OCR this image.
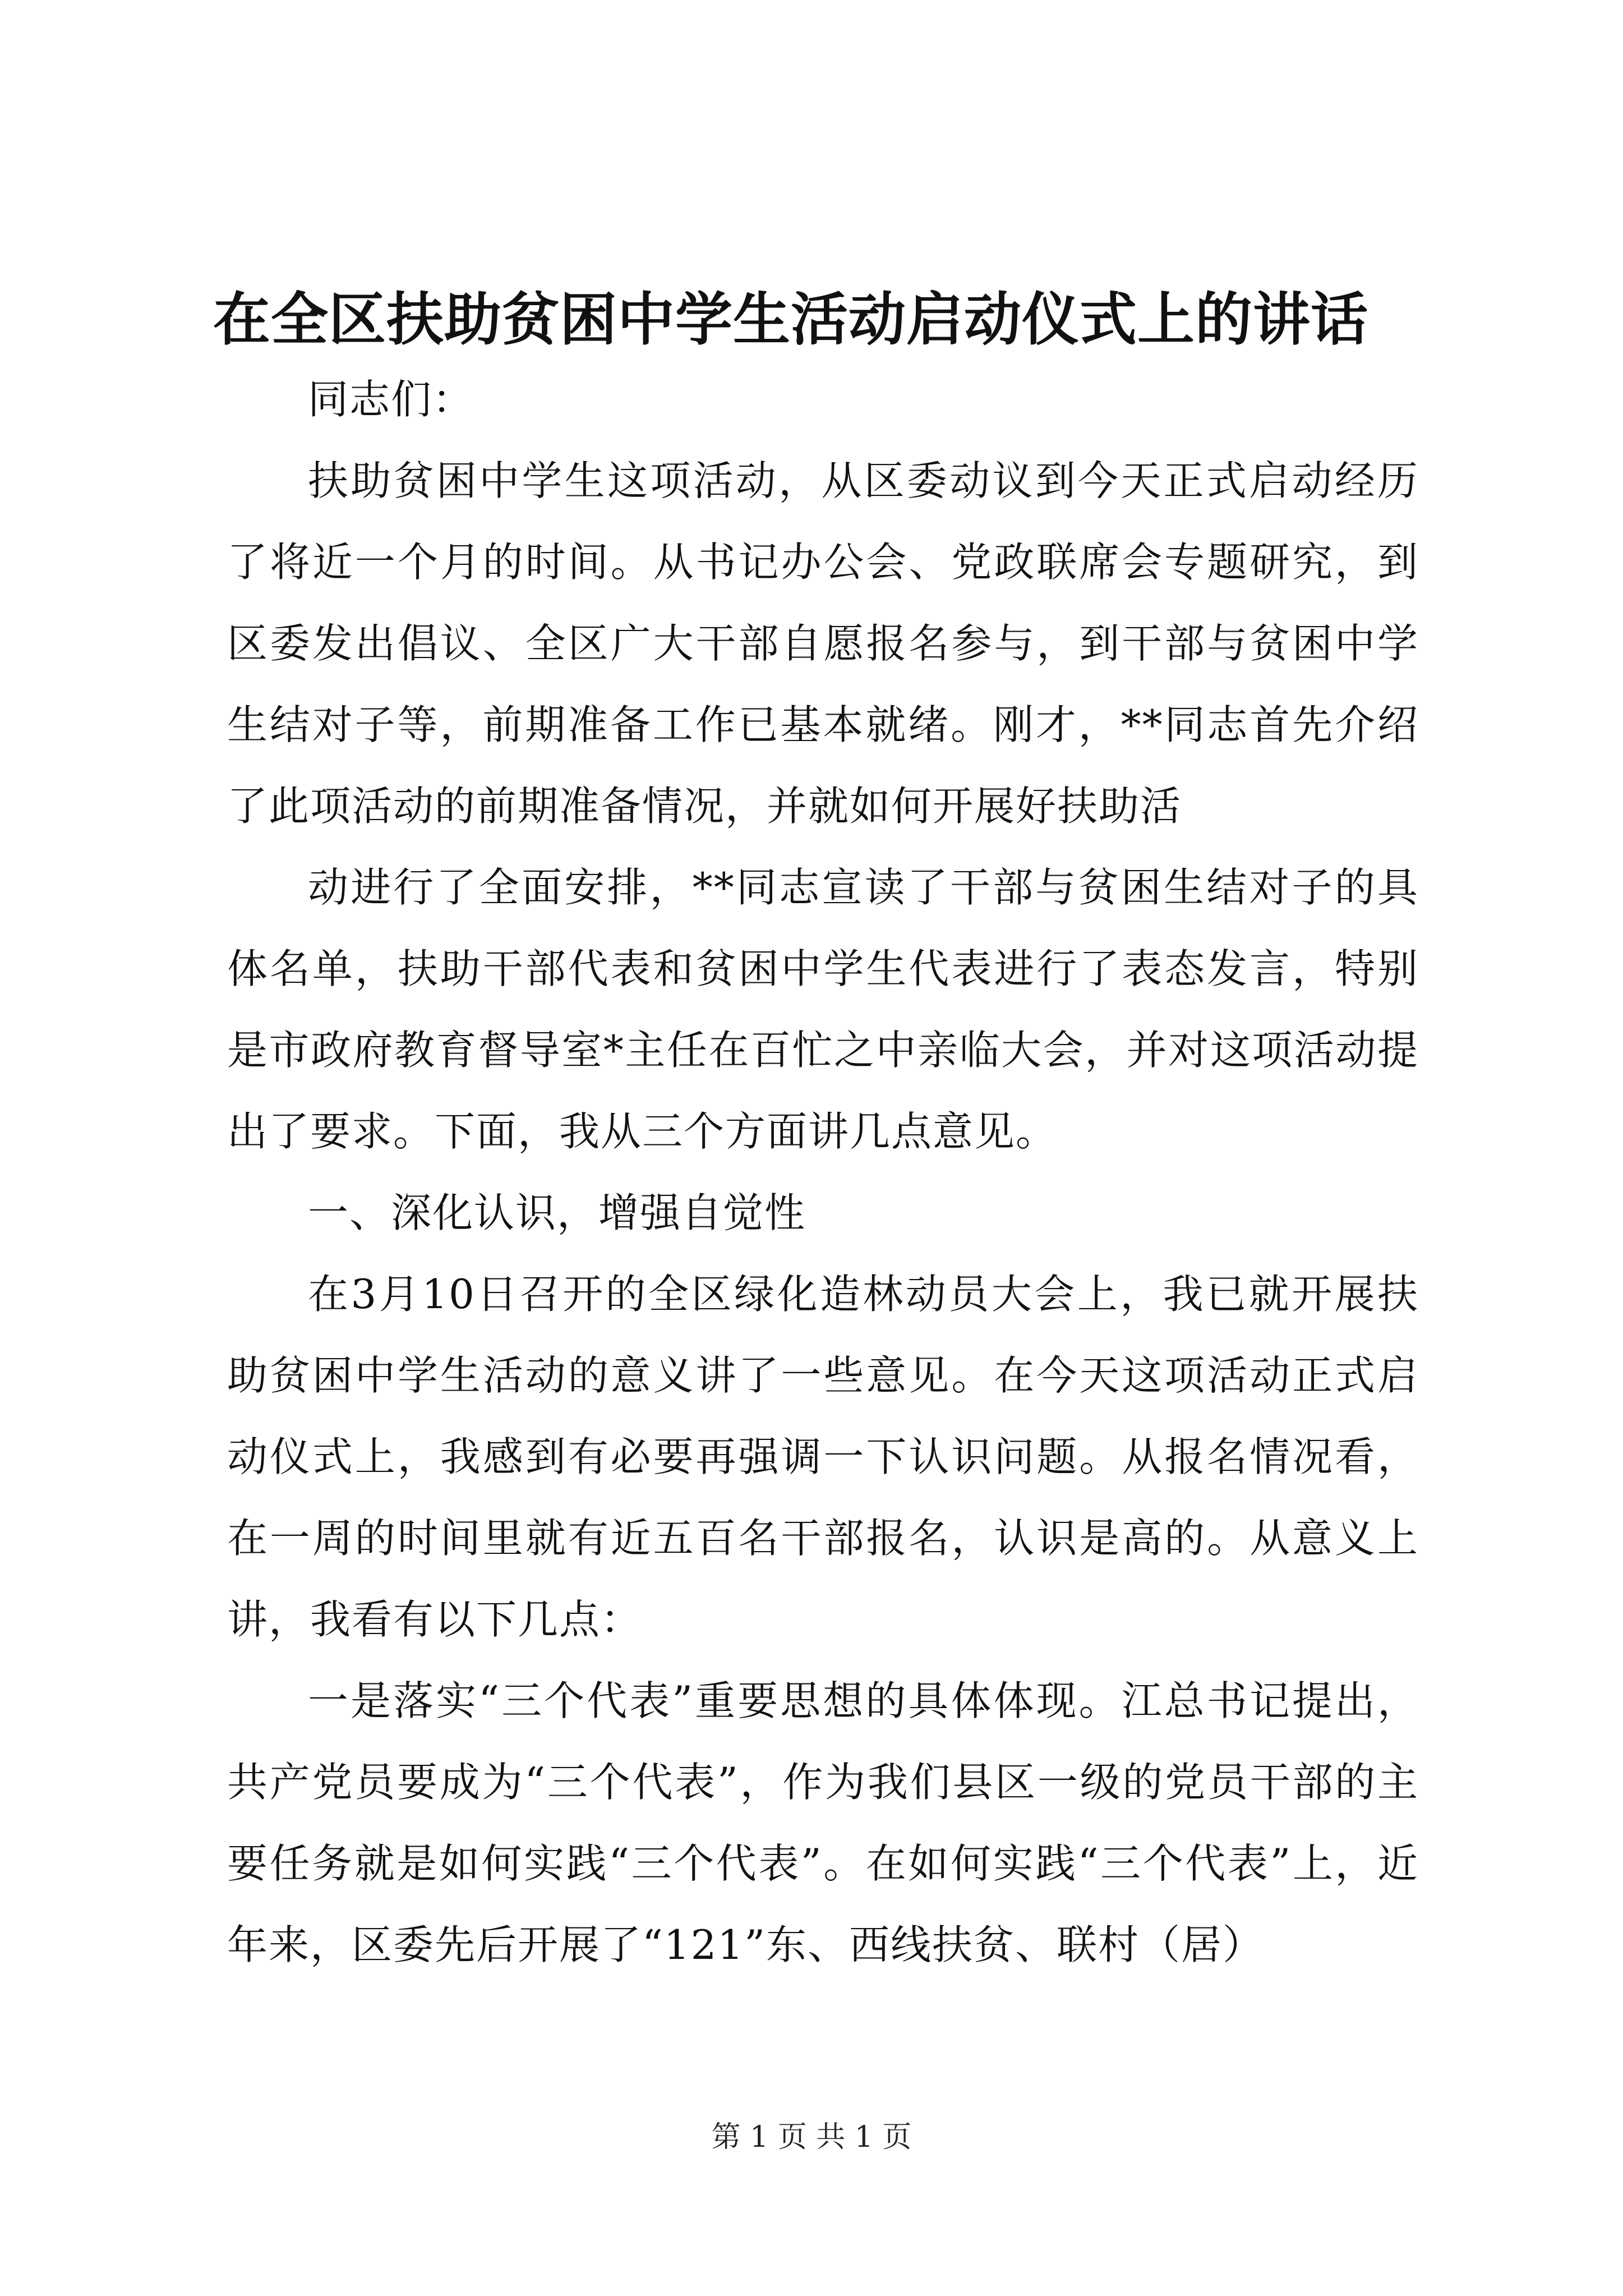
在全区扶助贫困中学生活动启动仪式上的讲话

同志们：

扶助贫困中学生这项活动，从区委动议到今天正式启动经历了将近一个月的时间。从书记办公会、党政联席会专题研究，到区委发出倡议、全区广大干部自愿报名参与，到干部与贫困中学生结对子等，前期准备工作已基本就绪。刚才，**同志首先介绍了此项活动的前期准备情况，并就如何开展好扶助活

动进行了全面安排，**同志宣读了干部与贫困生结对子的具体名单，扶助干部代表和贫困中学生代表进行了表态发言，特别是市政府教育督导室*主任在百忙之中亲临大会，并对这项活动提出了要求。下面，我从三个方面讲几点意见。

一、深化认识，增强自觉性

在3月10日召开的全区绿化造林动员大会上，我已就开展扶助贫困中学生活动的意义讲了一些意见。在今天这项活动正式启动仪式上，我感到有必要再强调一下认识问题。从报名情况看，在一周的时间里就有近五百名干部报名，认识是高的。从意义上讲，我看有以下几点：

一是落实“三个代表”重要思想的具体体现。江总书记提出，共产党员要成为“三个代表”，作为我们县区一级的党员干部的主要任务就是如何实践“三个代表”。在如何实践“三个代表”上，近年来，区委先后开展了“121”东、西线扶贫、联村（居）

第 1 页 共 1 页
